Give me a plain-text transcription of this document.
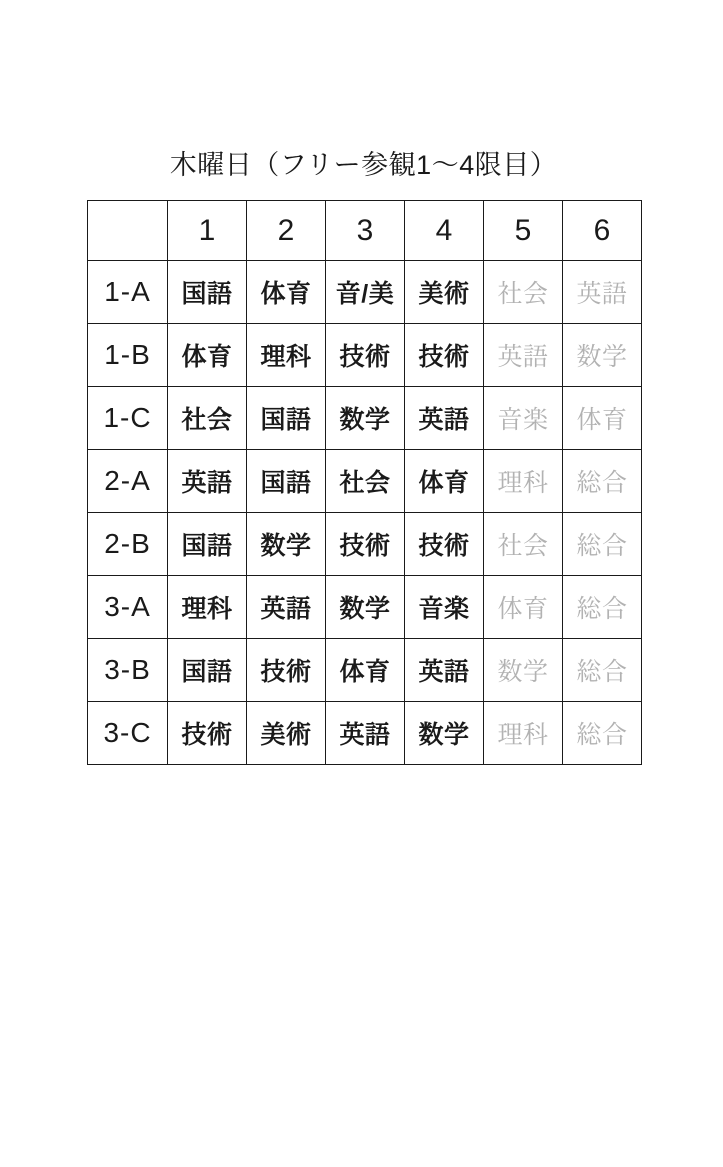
木曜日（フリー参観1～4限目）
	1	2	3	4	5	6
1-A	国語	体育	音/美	美術	社会	英語
1-B	体育	理科	技術	技術	英語	数学
1-C	社会	国語	数学	英語	音楽	体育
2-A	英語	国語	社会	体育	理科	総合
2-B	国語	数学	技術	技術	社会	総合
3-A	理科	英語	数学	音楽	体育	総合
3-B	国語	技術	体育	英語	数学	総合
3-C	技術	美術	英語	数学	理科	総合
